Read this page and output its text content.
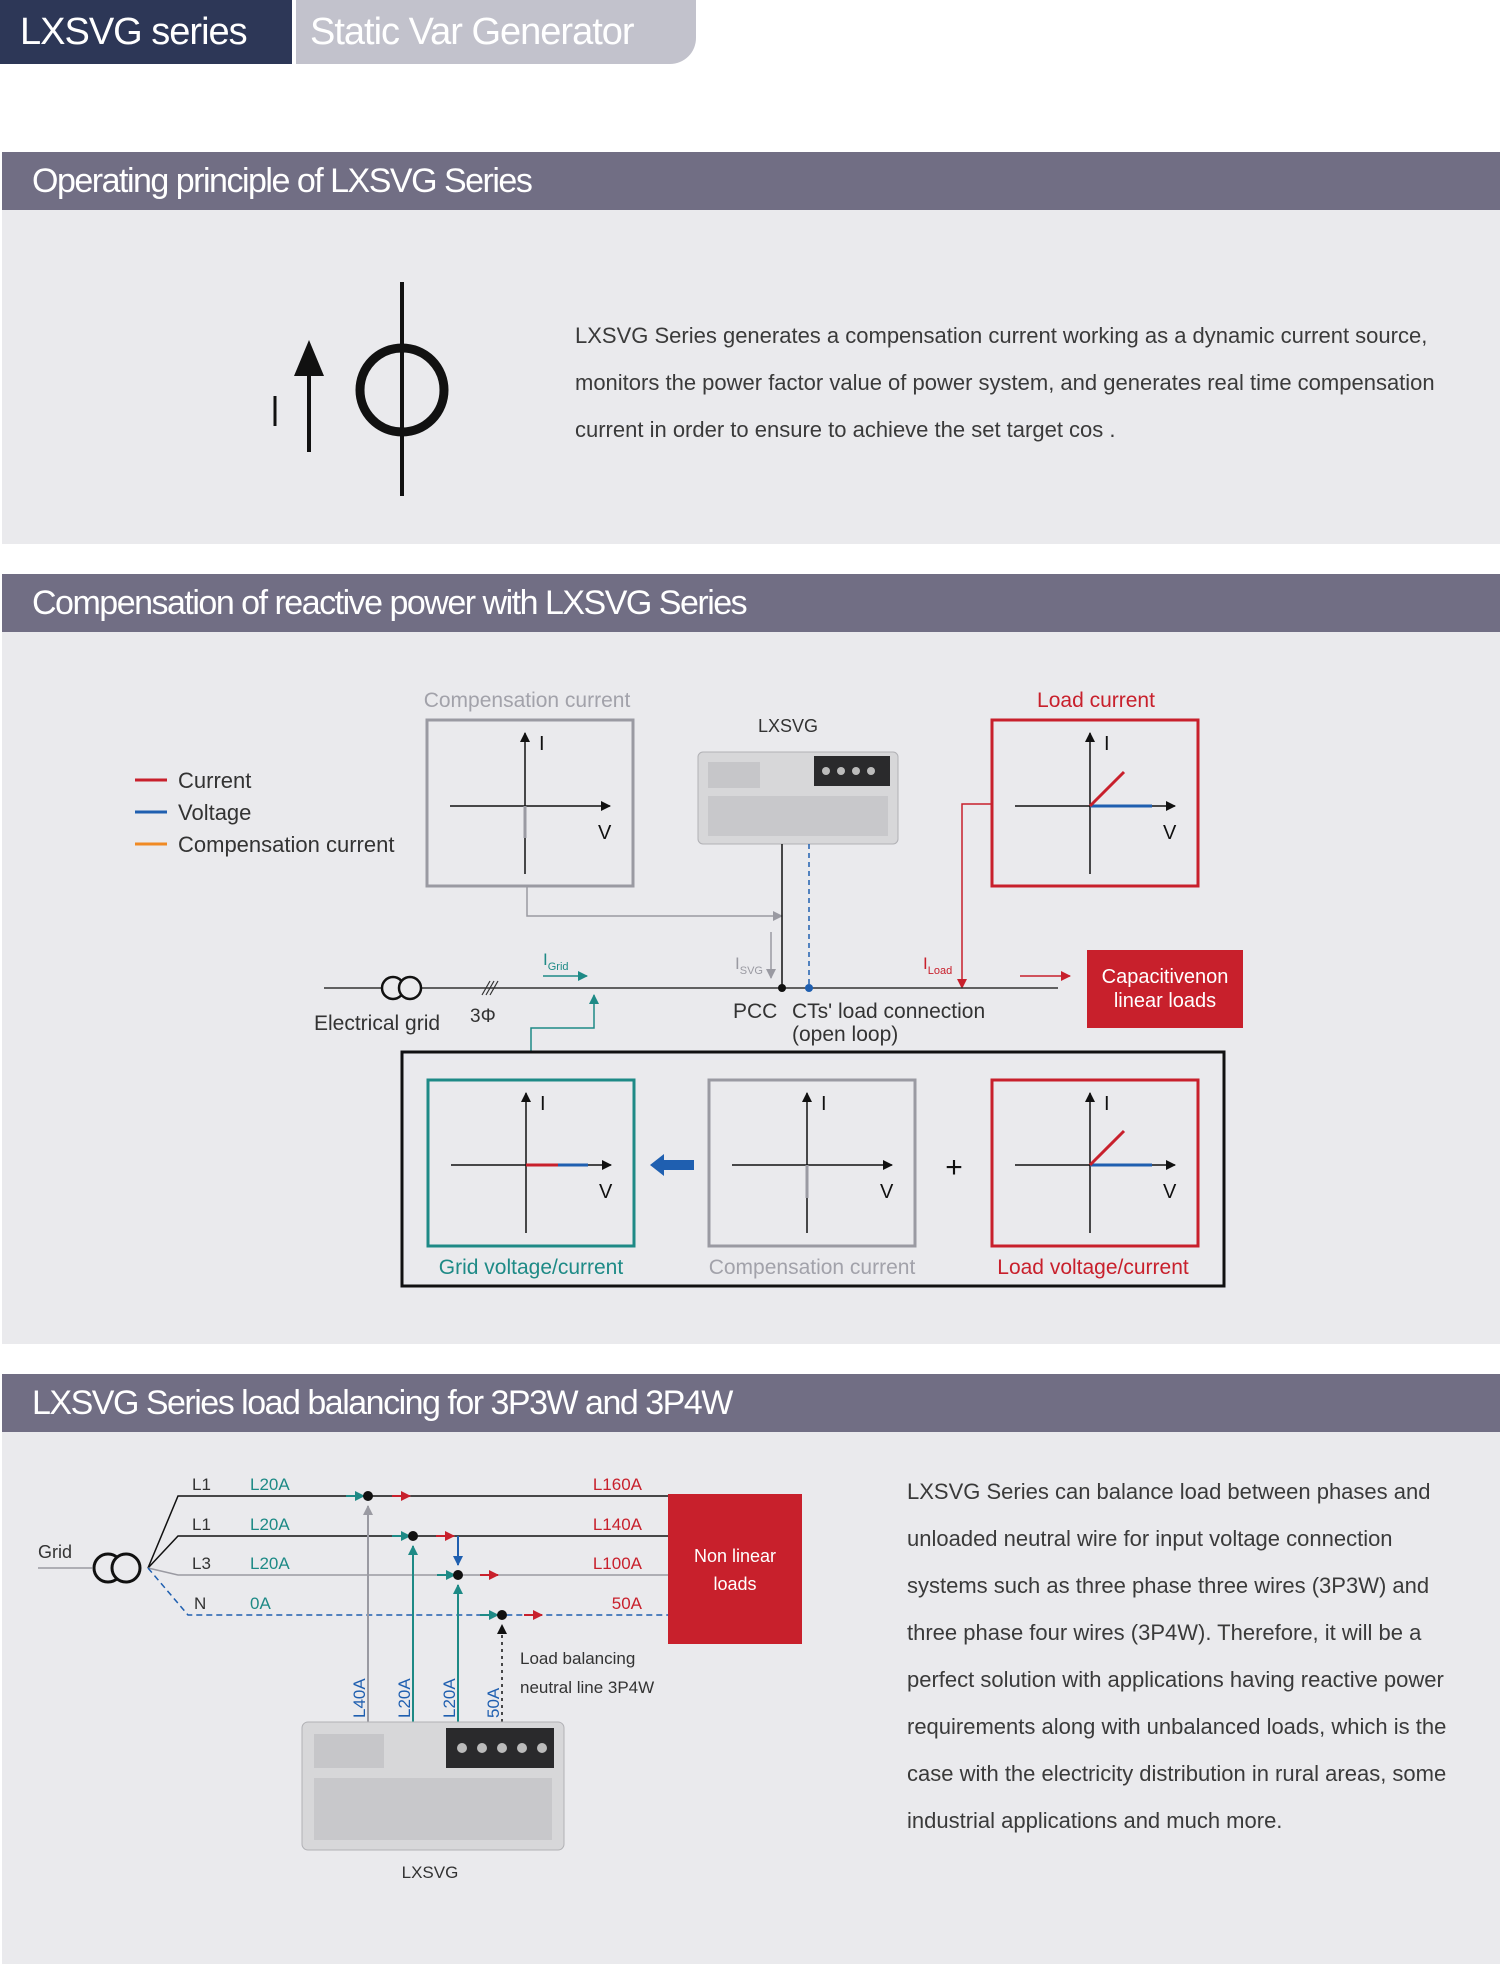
LXSVG series	Static Var Generator
Operating principle of LXSVG Series

LXSVG Series generates a compensation current working as a dynamic current source, monitors the power factor value of power system, and generates real time compensation current in order to ensure to achieve the set target cos .

Compensation of reactive power with LXSVG Series
Current
Voltage
Compensation current
Compensation current
I
V
LXSVG
Load current
I
V
$I_{SVG}$	$I_{Load}$
$I_{Grid}$
Electrical grid 3Φ	PCC CTs' load connection
(open loop)
Capacitivenon
linear loads
I
V
Grid voltage/current
I
V
Compensation current
+
I
V
Load voltage/current
LXSVG Series load balancing for 3P3W and 3P4W
Grid
L1 L20A	L160A
L1 L20A	L140A
L3 L20A	L100A
N	0A	50A
L40A L20A L20A 50A
Load balancing
neutral line 3P4W
Non linear
loads
LXSVG
LXSVG Series can balance load between phases and
unloaded neutral wire for input voltage connection
systems such as three phase three wires (3P3W) and
three phase four wires (3P4W). Therefore, it will be a
perfect solution with applications having reactive power
requirements along with unbalanced loads, which is the
case with the electricity distribution in rural areas, some
industrial applications and much more.
